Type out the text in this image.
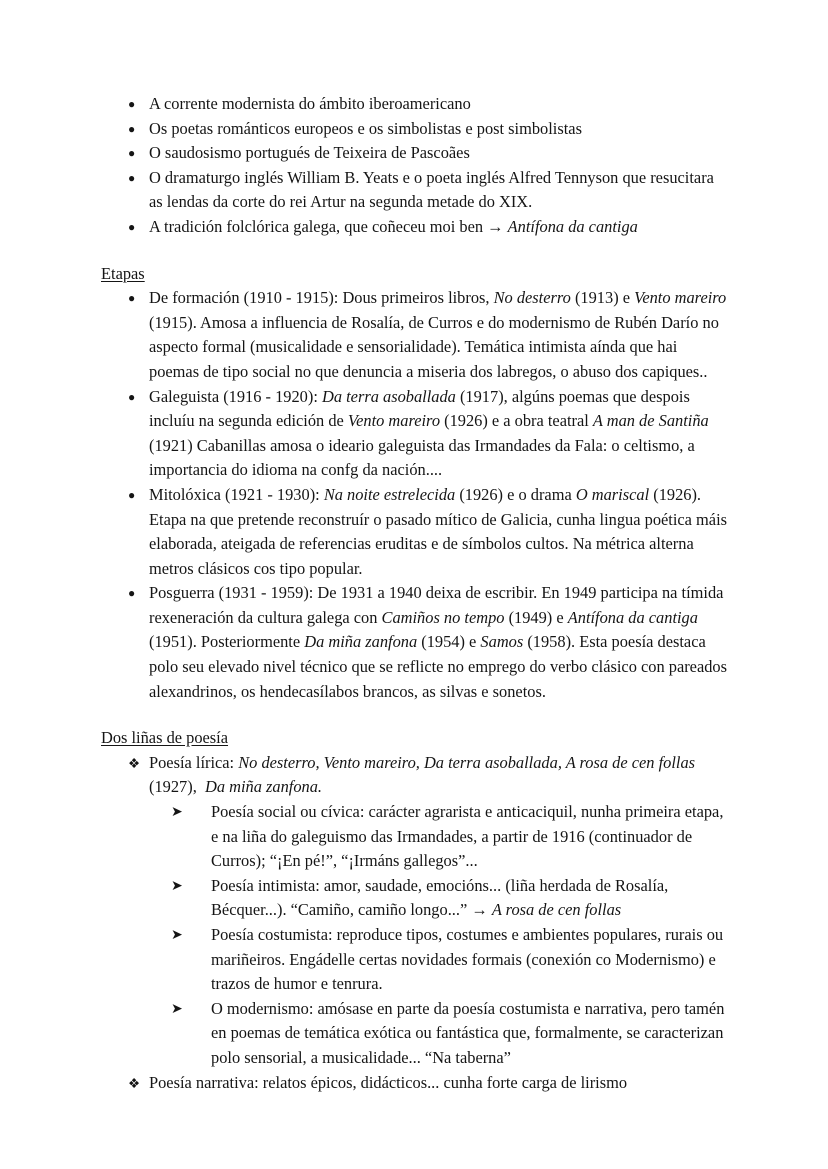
● A corrente modernista do ámbito iberoamericano
● Os poetas románticos europeos e os simbolistas e post simbolistas
● O saudosismo portugués de Teixeira de Pascoães
● O dramaturgo inglés William B. Yeats e o poeta inglés Alfred Tennyson que resucitara as lendas da corte do rei Artur na segunda metade do XIX.
● A tradición folclórica galega, que coñeceu moi ben → Antífona da cantiga
Etapas
● De formación (1910 - 1915): Dous primeiros libros, No desterro (1913) e Vento mareiro (1915). Amosa a influencia de Rosalía, de Curros e do modernismo de Rubén Darío no aspecto formal (musicalidade e sensorialidade). Temática intimista aínda que hai poemas de tipo social no que denuncia a miseria dos labregos, o abuso dos capiques..
● Galeguista (1916 - 1920): Da terra asoballada (1917), algúns poemas que despois incluíu na segunda edición de Vento mareiro (1926) e a obra teatral A man de Santiña (1921) Cabanillas amosa o ideario galeguista das Irmandades da Fala: o celtismo, a importancia do idioma na confg da nación....
● Mitolóxica (1921 - 1930): Na noite estrelecida (1926) e o drama O mariscal (1926). Etapa na que pretende reconstruír o pasado mítico de Galicia, cunha lingua poética máis elaborada, ateigada de referencias eruditas e de símbolos cultos. Na métrica alterna metros clásicos cos tipo popular.
● Posguerra (1931 - 1959): De 1931 a 1940 deixa de escribir. En 1949 participa na tímida rexeneración da cultura galega con Camiños no tempo (1949) e Antífona da cantiga (1951). Posteriormente Da miña zanfona (1954) e Samos (1958). Esta poesía destaca polo seu elevado nivel técnico que se reflicte no emprego do verbo clásico con pareados alexandrinos, os hendecasílabos brancos, as silvas e sonetos.
Dos liñas de poesía
❖ Poesía lírica: No desterro, Vento mareiro, Da terra asoballada, A rosa de cen follas (1927),  Da miña zanfona.
➤	Poesía social ou cívica: carácter agrarista e anticaciquil, nunha primeira etapa, e na liña do galeguismo das Irmandades, a partir de 1916 (continuador de Curros); “¡En pé!”, “¡Irmáns gallegos”...
➤	Poesía intimista: amor, saudade, emocións... (liña herdada de Rosalía, Bécquer...). “Camiño, camiño longo...” → A rosa de cen follas
➤	Poesía costumista: reproduce tipos, costumes e ambientes populares, rurais ou mariñeiros. Engádelle certas novidades formais (conexión co Modernismo) e trazos de humor e tenrura.
➤	O modernismo: amósase en parte da poesía costumista e narrativa, pero tamén en poemas de temática exótica ou fantástica que, formalmente, se caracterizan polo sensorial, a musicalidade... “Na taberna”
❖ Poesía narrativa: relatos épicos, didácticos... cunha forte carga de lirismo
